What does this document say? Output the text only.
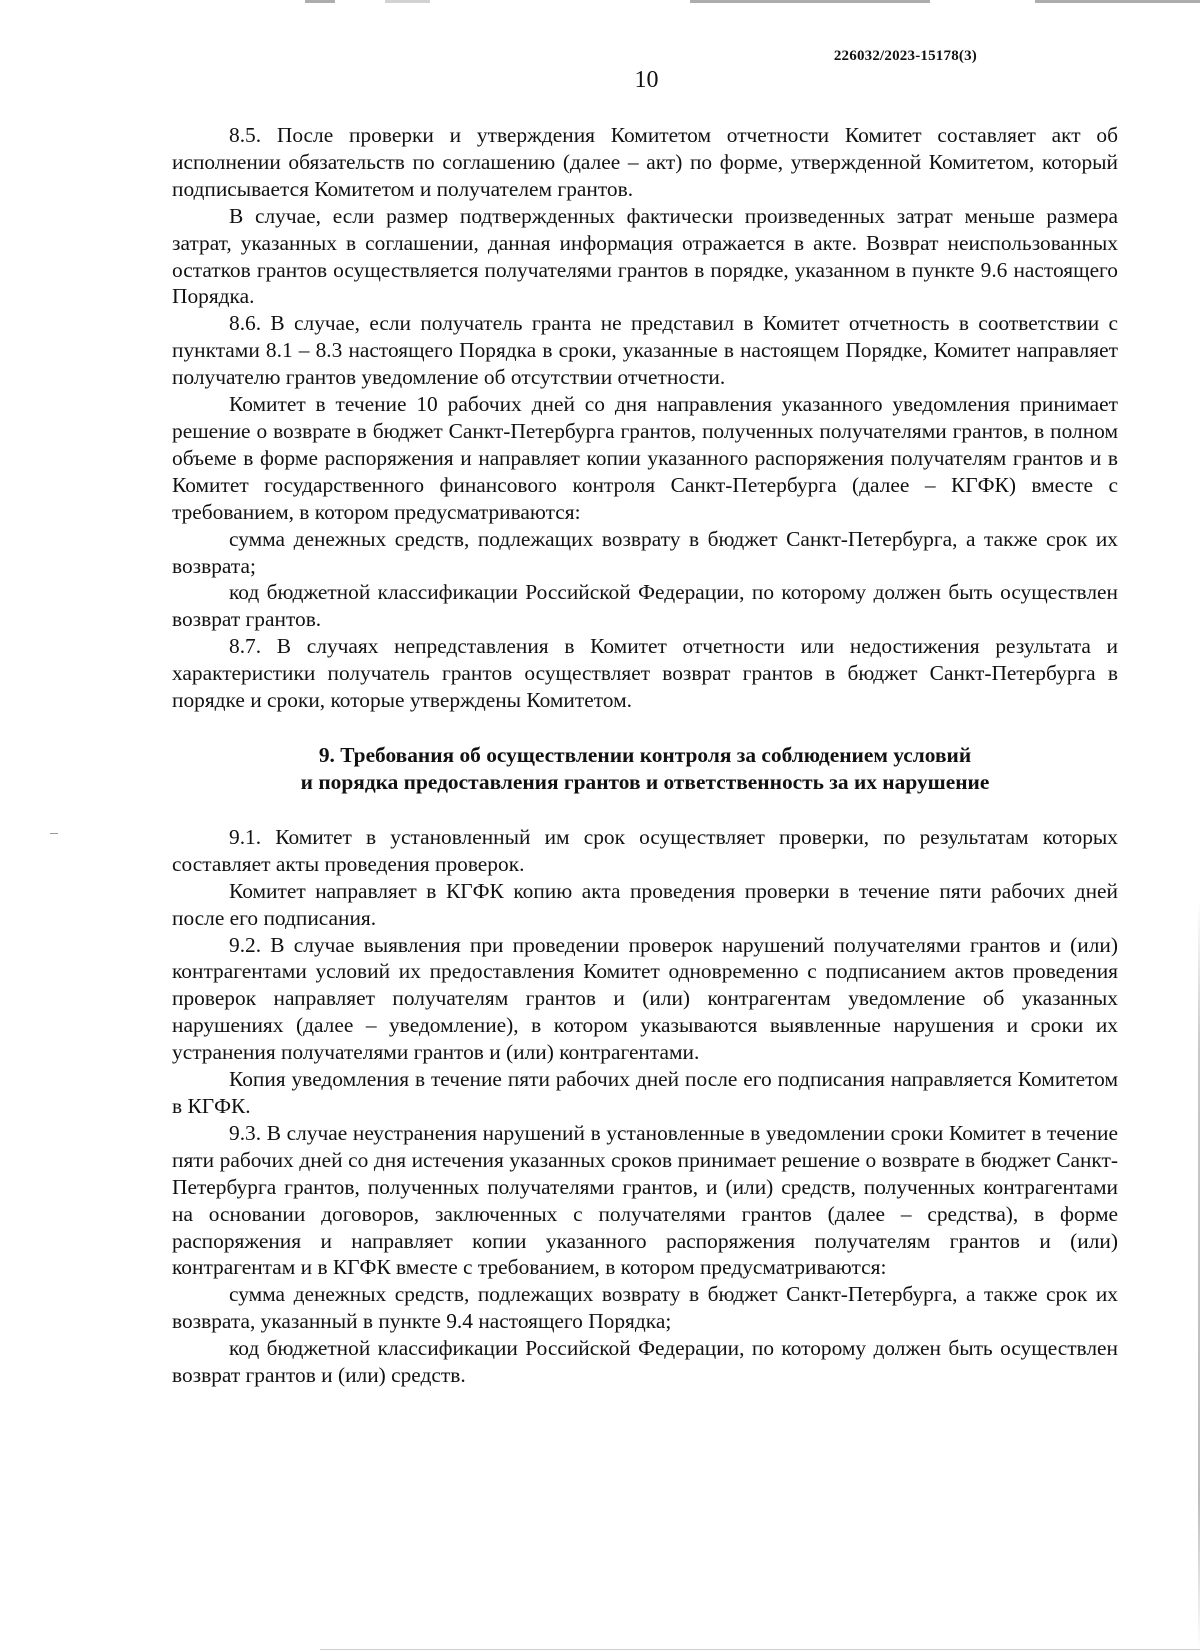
226032/2023-15178(3)
10

8.5. После проверки и утверждения Комитетом отчетности Комитет составляет акт об исполнении обязательств по соглашению (далее – акт) по форме, утвержденной Комитетом, который подписывается Комитетом и получателем грантов.

В случае, если размер подтвержденных фактически произведенных затрат меньше размера затрат, указанных в соглашении, данная информация отражается в акте. Возврат неиспользованных остатков грантов осуществляется получателями грантов в порядке, указанном в пункте 9.6 настоящего Порядка.

8.6. В случае, если получатель гранта не представил в Комитет отчетность в соответствии с пунктами 8.1 – 8.3 настоящего Порядка в сроки, указанные в настоящем Порядке, Комитет направляет получателю грантов уведомление об отсутствии отчетности.

Комитет в течение 10 рабочих дней со дня направления указанного уведомления принимает решение о возврате в бюджет Санкт-Петербурга грантов, полученных получателями грантов, в полном объеме в форме распоряжения и направляет копии указанного распоряжения получателям грантов и в Комитет государственного финансового контроля Санкт-Петербурга (далее – КГФК) вместе с требованием, в котором предусматриваются:

сумма денежных средств, подлежащих возврату в бюджет Санкт-Петербурга, а также срок их возврата;

код бюджетной классификации Российской Федерации, по которому должен быть осуществлен возврат грантов.

8.7. В случаях непредставления в Комитет отчетности или недостижения результата и характеристики получатель грантов осуществляет возврат грантов в бюджет Санкт-Петербурга в порядке и сроки, которые утверждены Комитетом.

9. Требования об осуществлении контроля за соблюдением условий
и порядка предоставления грантов и ответственность за их нарушение

9.1. Комитет в установленный им срок осуществляет проверки, по результатам которых составляет акты проведения проверок.

Комитет направляет в КГФК копию акта проведения проверки в течение пяти рабочих дней после его подписания.

9.2. В случае выявления при проведении проверок нарушений получателями грантов и (или) контрагентами условий их предоставления Комитет одновременно с подписанием актов проведения проверок направляет получателям грантов и (или) контрагентам уведомление об указанных нарушениях (далее – уведомление), в котором указываются выявленные нарушения и сроки их устранения получателями грантов и (или) контрагентами.

Копия уведомления в течение пяти рабочих дней после его подписания направляется Комитетом в КГФК.

9.3. В случае неустранения нарушений в установленные в уведомлении сроки Комитет в течение пяти рабочих дней со дня истечения указанных сроков принимает решение о возврате в бюджет Санкт-Петербурга грантов, полученных получателями грантов, и (или) средств, полученных контрагентами на основании договоров, заключенных с получателями грантов (далее – средства), в форме распоряжения и направляет копии указанного распоряжения получателям грантов и (или) контрагентам и в КГФК вместе с требованием, в котором предусматриваются:

сумма денежных средств, подлежащих возврату в бюджет Санкт-Петербурга, а также срок их возврата, указанный в пункте 9.4 настоящего Порядка;

код бюджетной классификации Российской Федерации, по которому должен быть осуществлен возврат грантов и (или) средств.
